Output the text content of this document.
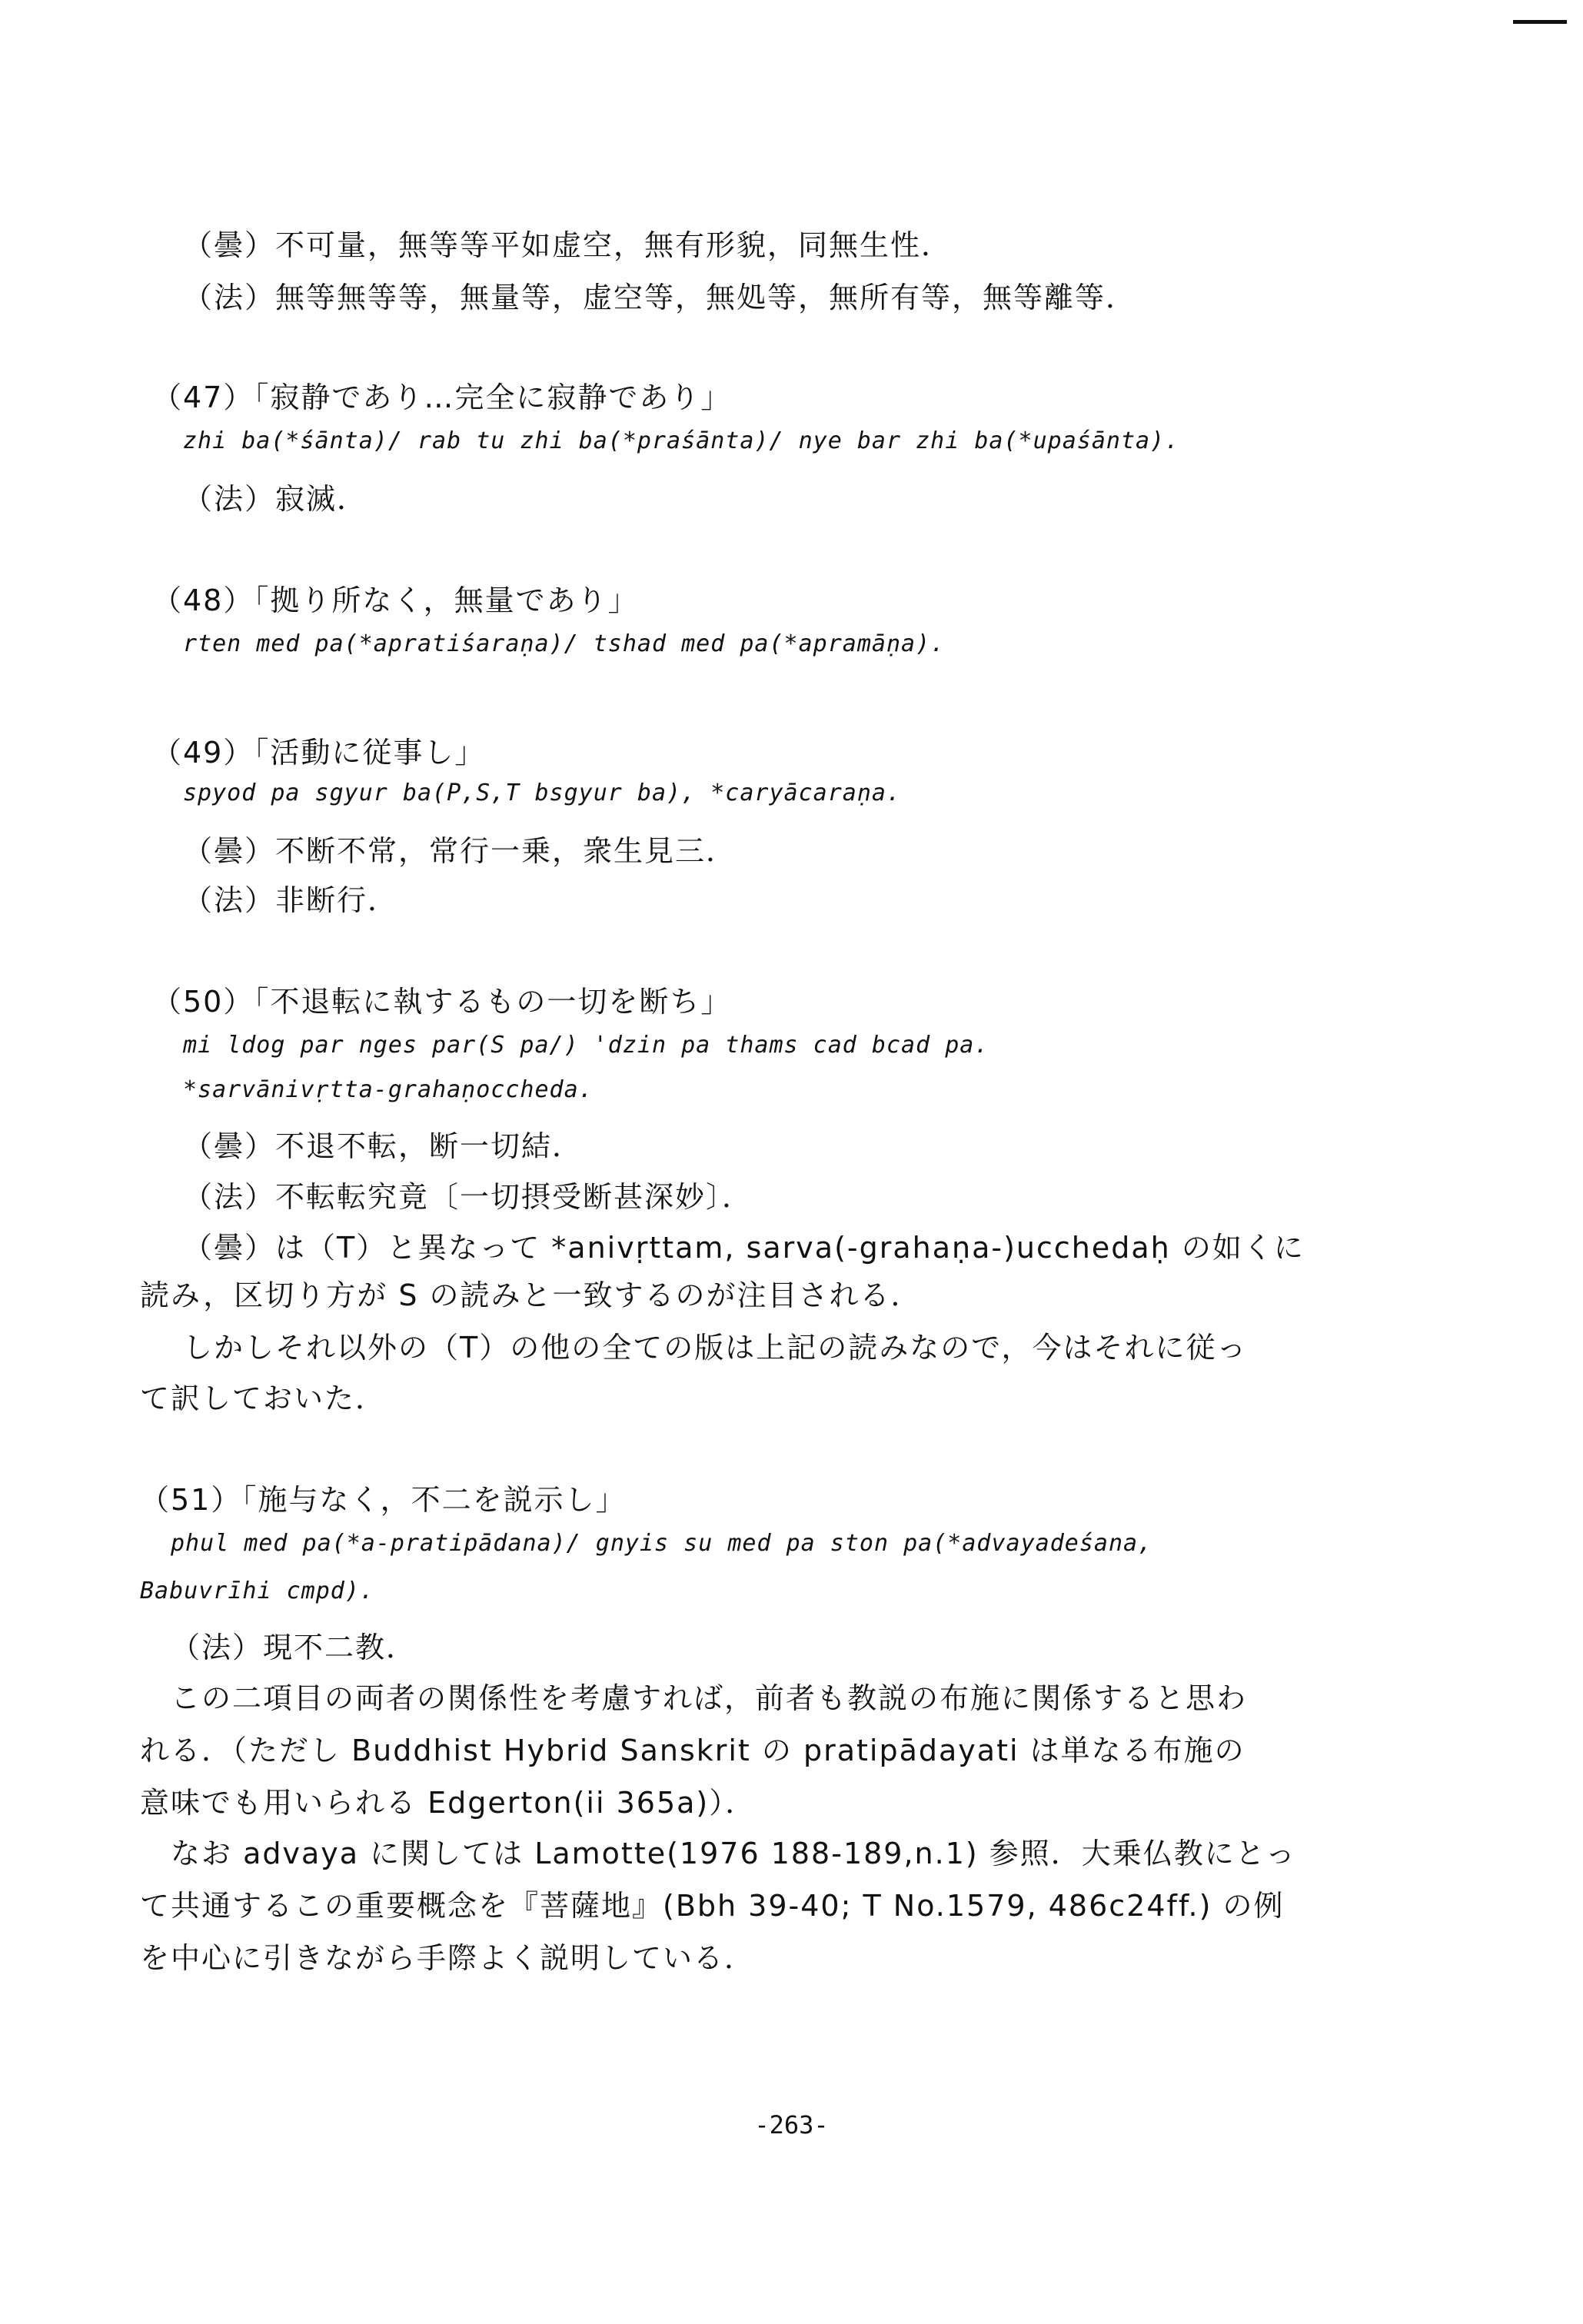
（曇）不可量，無等等平如虚空，無有形貌，同無生性．
（法）無等無等等，無量等，虚空等，無処等，無所有等，無等離等．
（47）「寂静であり…完全に寂静であり」
zhi ba(*śānta)/ rab tu zhi ba(*praśānta)/ nye bar zhi ba(*upaśānta).
（法）寂滅．
（48）「拠り所なく，無量であり」
rten med pa(*apratiśaraṇa)/ tshad med pa(*apramāṇa).
（49）「活動に従事し」
spyod pa sgyur ba(P,S,T bsgyur ba), *caryācaraṇa.
（曇）不断不常，常行一乗，衆生見三．
（法）非断行．
（50）「不退転に執するもの一切を断ち」
mi ldog par nges par(S pa/) 'dzin pa thams cad bcad pa.
*sarvānivṛtta-grahaṇoccheda.
（曇）不退不転，断一切結．
（法）不転転究竟〔一切摂受断甚深妙〕．
（曇）は（T）と異なって *anivṛttam, sarva(-grahaṇa-)ucchedaḥ の如くに
読み，区切り方が S の読みと一致するのが注目される．
しかしそれ以外の（T）の他の全ての版は上記の読みなので，今はそれに従っ
て訳しておいた．
（51）「施与なく，不二を説示し」
phul med pa(*a-pratipādana)/ gnyis su med pa ston pa(*advayadeśana,
Babuvrīhi cmpd).
（法）現不二教．
この二項目の両者の関係性を考慮すれば，前者も教説の布施に関係すると思わ
れる．（ただし Buddhist Hybrid Sanskrit の pratipādayati は単なる布施の
意味でも用いられる Edgerton(ii 365a)）．
なお advaya に関しては Lamotte(1976 188-189,n.1) 参照．大乗仏教にとっ
て共通するこの重要概念を『菩薩地』(Bbh 39-40; T No.1579, 486c24ff.) の例
を中心に引きながら手際よく説明している．
-263-
